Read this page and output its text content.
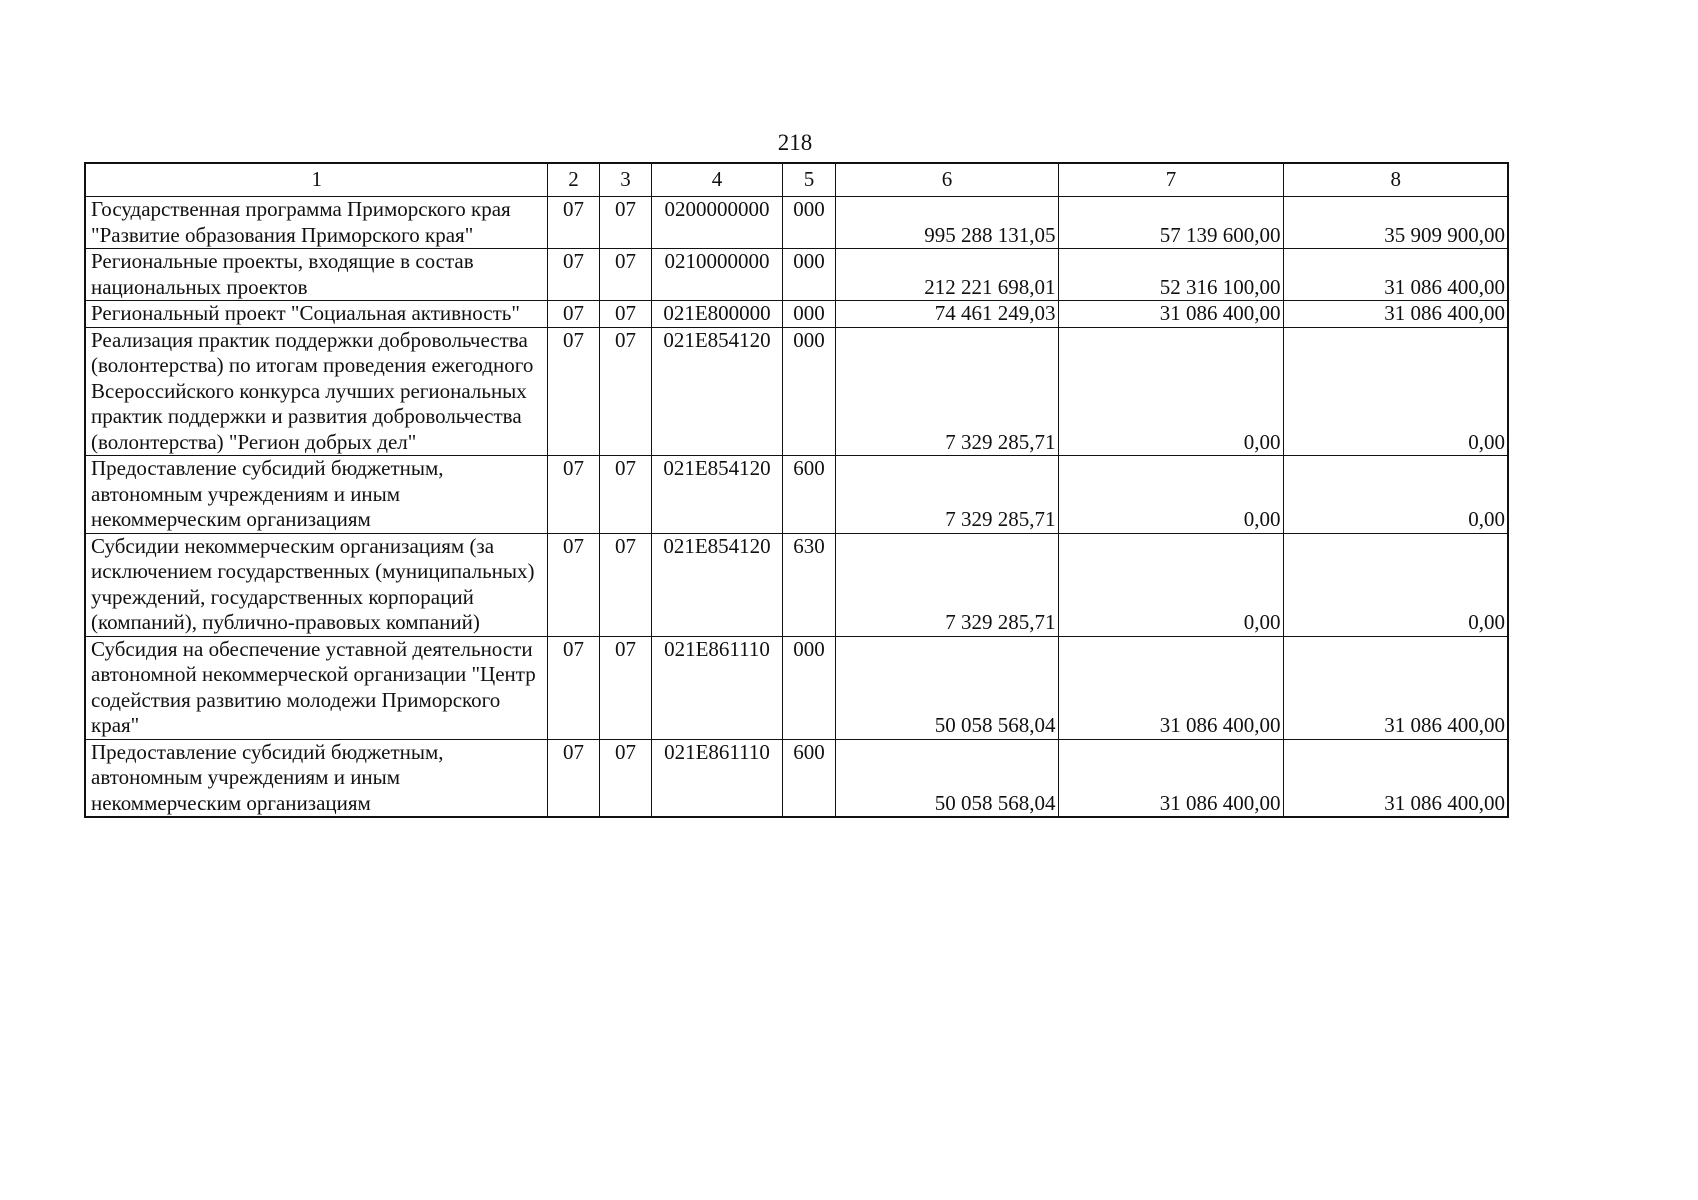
218
1	2	3	4	5	6	7	8
Государственная программа Приморского края "Развитие образования Приморского края"	07	07	0200000000	000	995 288 131,05	57 139 600,00	35 909 900,00
Региональные проекты, входящие в состав национальных проектов	07	07	0210000000	000	212 221 698,01	52 316 100,00	31 086 400,00
Региональный проект "Социальная активность"	07	07	021E800000	000	74 461 249,03	31 086 400,00	31 086 400,00
Реализация практик поддержки добровольчества (волонтерства) по итогам проведения ежегодного Всероссийского конкурса лучших региональных практик поддержки и развития добровольчества (волонтерства) "Регион добрых дел"	07	07	021E854120	000	7 329 285,71	0,00	0,00
Предоставление субсидий бюджетным, автономным учреждениям и иным некоммерческим организациям	07	07	021E854120	600	7 329 285,71	0,00	0,00
Субсидии некоммерческим организациям (за исключением государственных (муниципальных) учреждений, государственных корпораций (компаний), публично-правовых компаний)	07	07	021E854120	630	7 329 285,71	0,00	0,00
Субсидия на обеспечение уставной деятельности автономной некоммерческой организации "Центр содействия развитию молодежи Приморского края"	07	07	021E861110	000	50 058 568,04	31 086 400,00	31 086 400,00
Предоставление субсидий бюджетным, автономным учреждениям и иным некоммерческим организациям	07	07	021E861110	600	50 058 568,04	31 086 400,00	31 086 400,00
